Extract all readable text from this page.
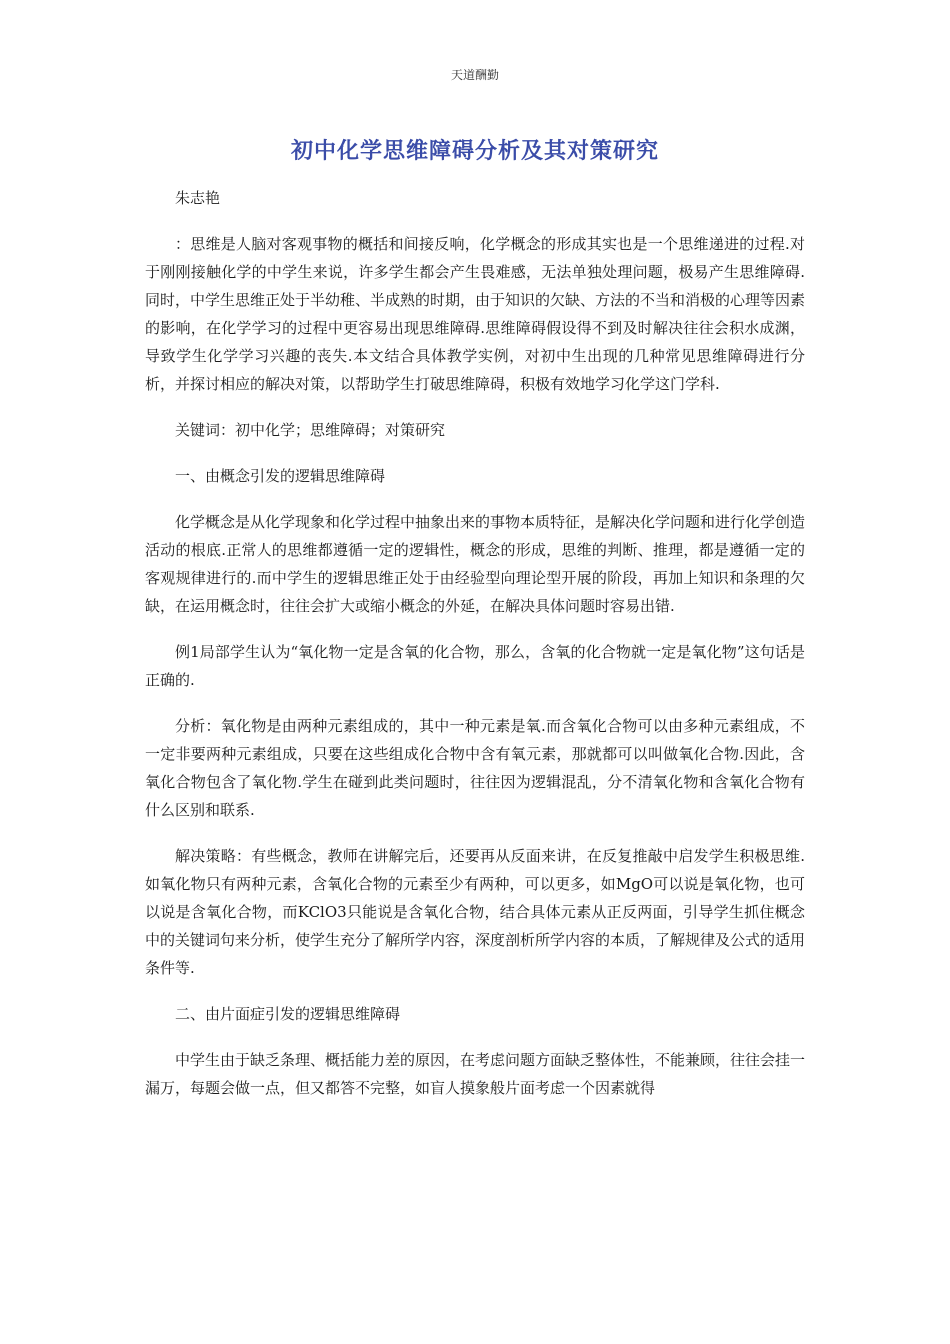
天道酬勤
初中化学思维障碍分析及其对策研究

朱志艳

：思维是人脑对客观事物的概括和间接反响，化学概念的形成其实也是一个思维递进的过程.对于刚刚接触化学的中学生来说，许多学生都会产生畏难感，无法单独处理问题，极易产生思维障碍.同时，中学生思维正处于半幼稚、半成熟的时期，由于知识的欠缺、方法的不当和消极的心理等因素的影响，在化学学习的过程中更容易出现思维障碍.思维障碍假设得不到及时解决往往会积水成渊，导致学生化学学习兴趣的丧失.本文结合具体教学实例，对初中生出现的几种常见思维障碍进行分析，并探讨相应的解决对策，以帮助学生打破思维障碍，积极有效地学习化学这门学科.

关键词：初中化学；思维障碍；对策研究

一、由概念引发的逻辑思维障碍

化学概念是从化学现象和化学过程中抽象出来的事物本质特征，是解决化学问题和进行化学创造活动的根底.正常人的思维都遵循一定的逻辑性，概念的形成，思维的判断、推理，都是遵循一定的客观规律进行的.而中学生的逻辑思维正处于由经验型向理论型开展的阶段，再加上知识和条理的欠缺，在运用概念时，往往会扩大或缩小概念的外延，在解决具体问题时容易出错.

例1局部学生认为“氧化物一定是含氧的化合物，那么，含氧的化合物就一定是氧化物”这句话是正确的.

分析：氧化物是由两种元素组成的，其中一种元素是氧.而含氧化合物可以由多种元素组成，不一定非要两种元素组成，只要在这些组成化合物中含有氧元素，那就都可以叫做氧化合物.因此，含氧化合物包含了氧化物.学生在碰到此类问题时，往往因为逻辑混乱，分不清氧化物和含氧化合物有什么区别和联系.

解决策略：有些概念，教师在讲解完后，还要再从反面来讲，在反复推敲中启发学生积极思维.如氧化物只有两种元素，含氧化合物的元素至少有两种，可以更多，如MgO可以说是氧化物，也可以说是含氧化合物，而KClO3只能说是含氧化合物，结合具体元素从正反两面，引导学生抓住概念中的关键词句来分析，使学生充分了解所学内容，深度剖析所学内容的本质，了解规律及公式的适用条件等.

二、由片面症引发的逻辑思维障碍

中学生由于缺乏条理、概括能力差的原因，在考虑问题方面缺乏整体性，不能兼顾，往往会挂一漏万，每题会做一点，但又都答不完整，如盲人摸象般片面考虑一个因素就得
